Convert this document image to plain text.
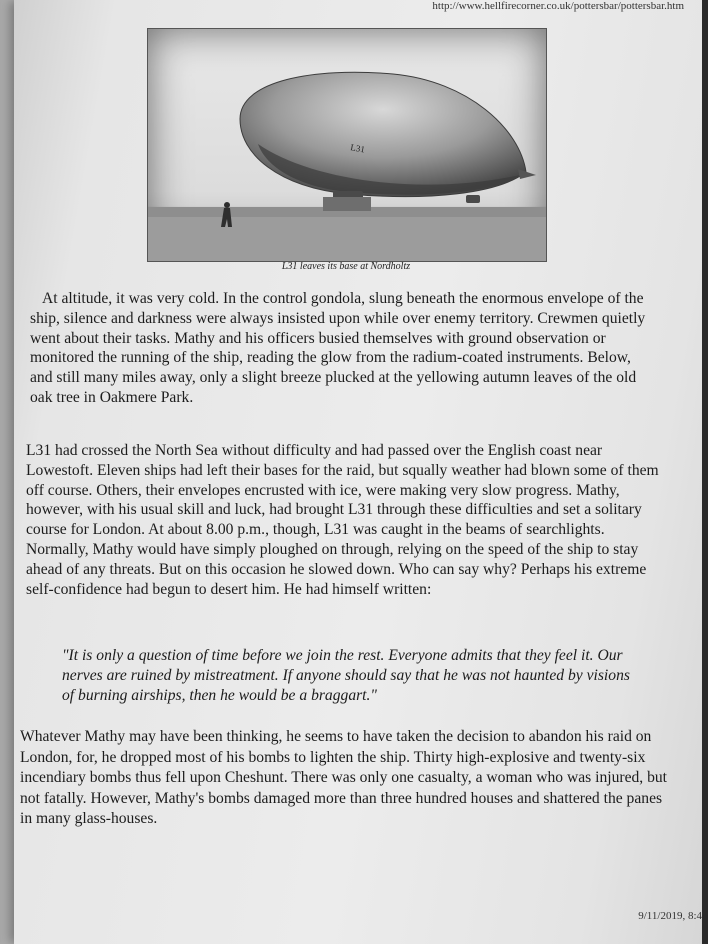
http://www.hellfirecorner.co.uk/pottersbar/pottersbar.htm
L31
L31 leaves its base at Nordholtz

At altitude, it was very cold. In the control gondola, slung beneath the enormous envelope of the ship, silence and darkness were always insisted upon while over enemy territory. Crewmen quietly went about their tasks. Mathy and his officers busied themselves with ground observation or monitored the running of the ship, reading the glow from the radium-coated instruments. Below, and still many miles away, only a slight breeze plucked at the yellowing autumn leaves of the old oak tree in Oakmere Park.

L31 had crossed the North Sea without difficulty and had passed over the English coast near Lowestoft. Eleven ships had left their bases for the raid, but squally weather had blown some of them off course. Others, their envelopes encrusted with ice, were making very slow progress. Mathy, however, with his usual skill and luck, had brought L31 through these difficulties and set a solitary course for London. At about 8.00 p.m., though, L31 was caught in the beams of searchlights. Normally, Mathy would have simply ploughed on through, relying on the speed of the ship to stay ahead of any threats. But on this occasion he slowed down. Who can say why? Perhaps his extreme self-confidence had begun to desert him. He had himself written:

"It is only a question of time before we join the rest. Everyone admits that they feel it. Our nerves are ruined by mistreatment. If anyone should say that he was not haunted by visions of burning airships, then he would be a braggart."

Whatever Mathy may have been thinking, he seems to have taken the decision to abandon his raid on London, for, he dropped most of his bombs to lighten the ship. Thirty high-explosive and twenty-six incendiary bombs thus fell upon Cheshunt. There was only one casualty, a woman who was injured, but not fatally. However, Mathy's bombs damaged more than three hundred houses and shattered the panes in many glass-houses.

9/11/2019, 8:4
